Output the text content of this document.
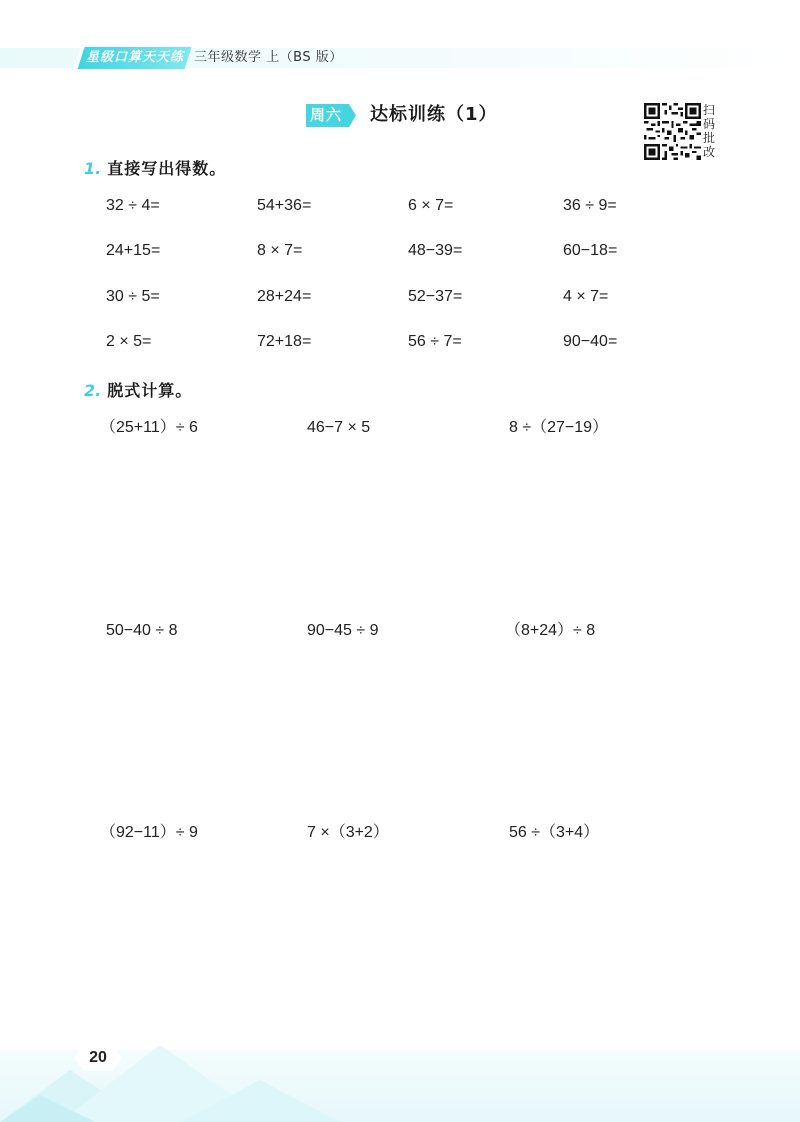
星级口算天天练 三年级数学 上（BS 版）
周六 达标训练（1）	扫
码
批
改
1. 直接写出得数。
32 ÷ 4=	54+36=	6 × 7=	36 ÷ 9=
24+15=	8 × 7=	48−39=	60−18=
30 ÷ 5=	28+24=	52−37=	4 × 7=
2 × 5=	72+18=	56 ÷ 7=	90−40=
2. 脱式计算。
（25+11）÷ 6	46−7 × 5	8 ÷（27−19）
50−40 ÷ 8	90−45 ÷ 9	（8+24）÷ 8
（92−11）÷ 9	7 ×（3+2）	56 ÷（3+4）
20
